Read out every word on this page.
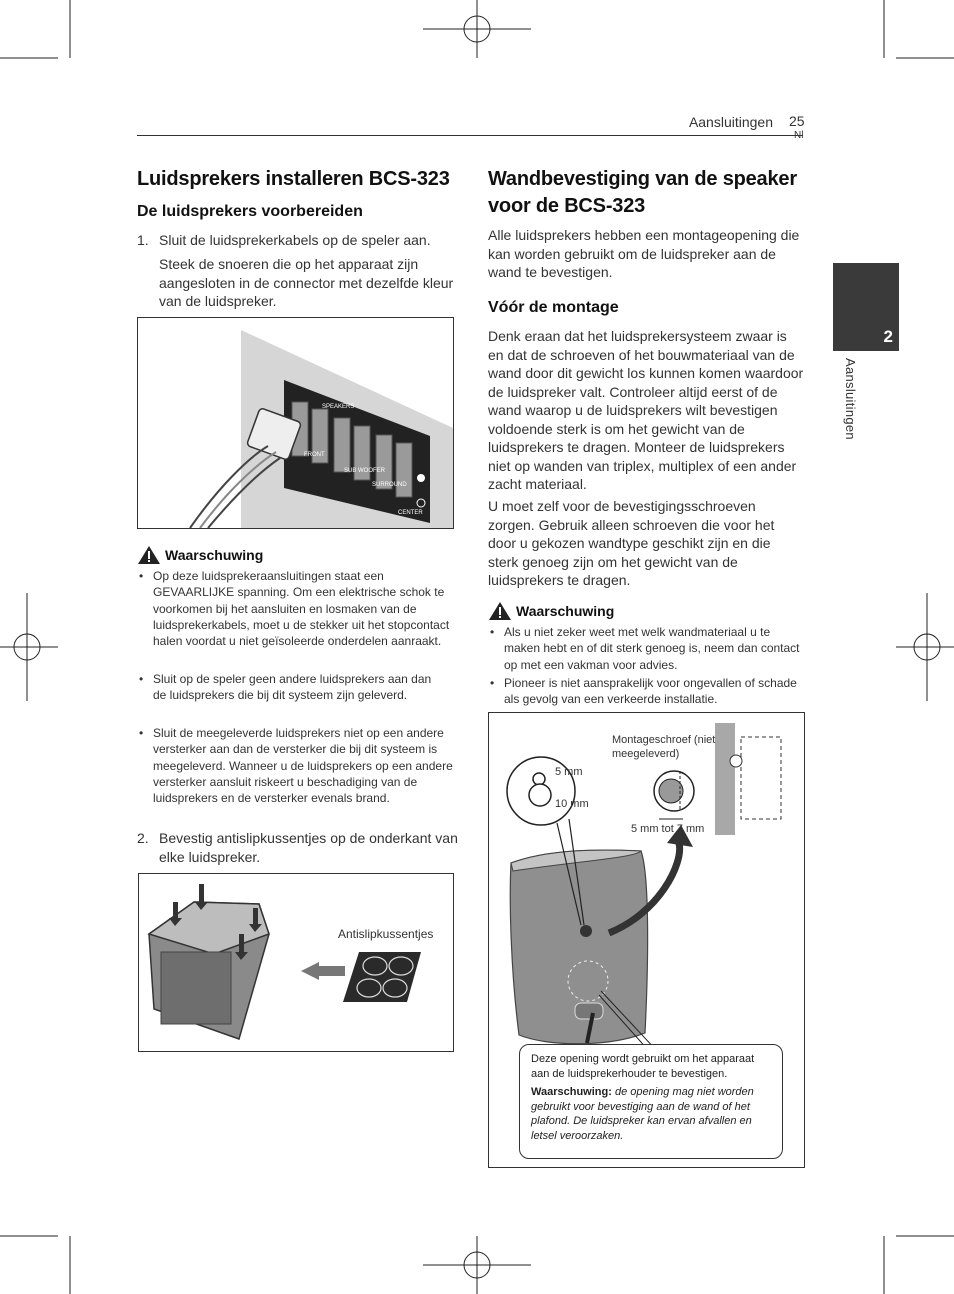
Aansluitingen 25
2
Aansluitingen
Luidsprekers installeren BCS-323
De luidsprekers voorbereiden
1. Sluit de luidsprekerkabels op de speler aan.
Steek de snoeren die op het apparaat zijn aangesloten in de connector met dezelfde kleur van de luidspreker.
SPEAKERS
FRONT
SUB WOOFER
SURROUND
CENTER
Waarschuwing
• Op deze luidsprekeraansluitingen staat een GEVAARLIJKE spanning. Om een elektrische schok te voorkomen bij het aansluiten en losmaken van de luidsprekerkabels, moet u de stekker uit het stopcontact halen voordat u niet geïsoleerde onderdelen aanraakt.
• Sluit op de speler geen andere luidsprekers aan dan de luidsprekers die bij dit systeem zijn geleverd.
• Sluit de meegeleverde luidsprekers niet op een andere versterker aan dan de versterker die bij dit systeem is meegeleverd. Wanneer u de luidsprekers op een andere versterker aansluit riskeert u beschadiging van de luidsprekers en de versterker evenals brand.
2. Bevestig antislipkussentjes op de onderkant van elke luidspreker.
Antislipkussentjes
Wandbevestiging van de speaker voor de BCS-323
Alle luidsprekers hebben een montageopening die kan worden gebruikt om de luidspreker aan de wand te bevestigen.
Vóór de montage
Denk eraan dat het luidsprekersysteem zwaar is en dat de schroeven of het bouwmateriaal van de wand door dit gewicht los kunnen komen waardoor de luidspreker valt. Controleer altijd eerst of de wand waarop u de luidsprekers wilt bevestigen voldoende sterk is om het gewicht van de luidsprekers te dragen. Monteer de luidsprekers niet op wanden van triplex, multiplex of een ander zacht materiaal.
U moet zelf voor de bevestigingsschroeven zorgen. Gebruik alleen schroeven die voor het door u gekozen wandtype geschikt zijn en die sterk genoeg zijn om het gewicht van de luidsprekers te dragen.
Waarschuwing
• Als u niet zeker weet met welk wandmateriaal u te maken hebt en of dit sterk genoeg is, neem dan contact op met een vakman voor advies.
• Pioneer is niet aansprakelijk voor ongevallen of schade als gevolg van een verkeerde installatie.
Montageschroef (niet meegeleverd)
5 mm
10 mm
5 mm tot 7 mm
Deze opening wordt gebruikt om het apparaat aan de luidsprekerhouder te bevestigen.
Waarschuwing: de opening mag niet worden gebruikt voor bevestiging aan de wand of het plafond. De luidspreker kan ervan afvallen en letsel veroorzaken.
